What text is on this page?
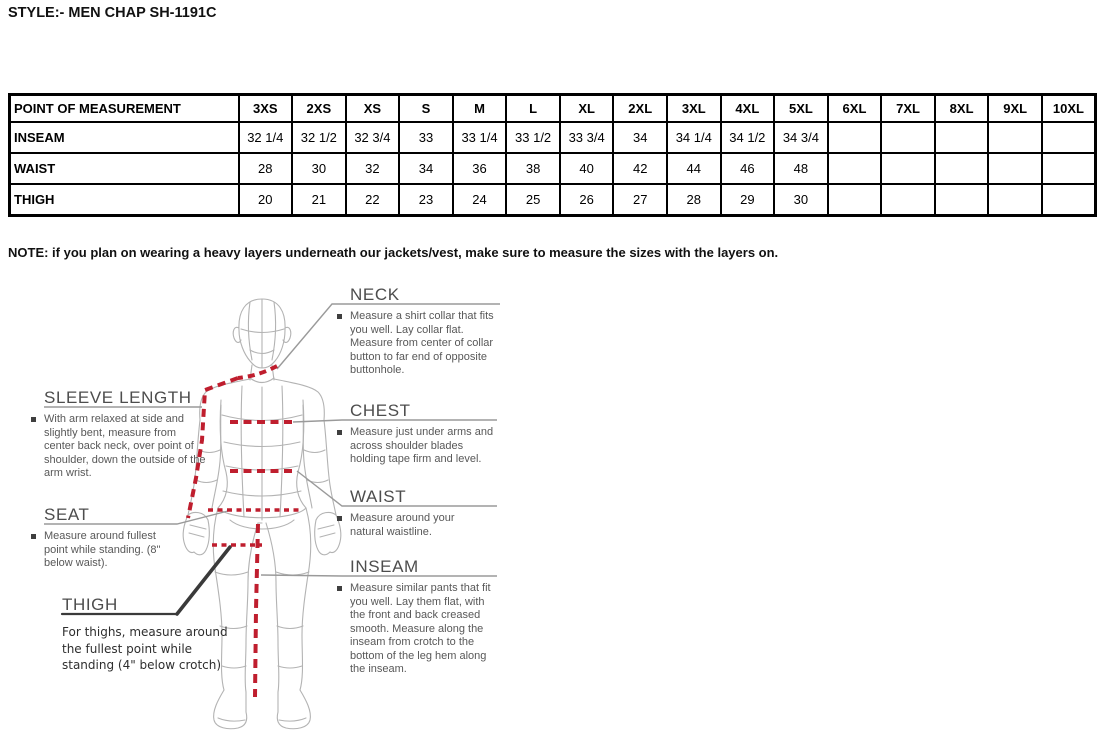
STYLE:- MEN CHAP SH-1191C
POINT OF MEASUREMENT	3XS	2XS	XS	S	M	L	XL	2XL	3XL	4XL	5XL	6XL	7XL	8XL	9XL	10XL
INSEAM	32 1/4	32 1/2	32 3/4	33	33 1/4	33 1/2	33 3/4	34	34 1/4	34 1/2	34 3/4					
WAIST	28	30	32	34	36	38	40	42	44	46	48					
THIGH	20	21	22	23	24	25	26	27	28	29	30					
NOTE: if you plan on wearing a heavy layers underneath our jackets/vest, make sure to measure the sizes with the layers on.
NECK
Measure a shirt collar that fits you well. Lay collar flat. Measure from center of collar button to far end of opposite buttonhole.
CHEST
Measure just under arms and across shoulder blades holding tape firm and level.
WAIST
Measure around your natural waistline.
INSEAM
Measure similar pants that fit you well. Lay them flat, with the front and back creased smooth. Measure along the inseam from crotch to the bottom of the leg hem along the inseam.
SLEEVE LENGTH
With arm relaxed at side and slightly bent, measure from center back neck, over point of shoulder, down the outside of the arm wrist.
SEAT
Measure around fullest point while standing. (8" below waist).
THIGH
For thighs, measure around the fullest point while standing (4" below crotch)
